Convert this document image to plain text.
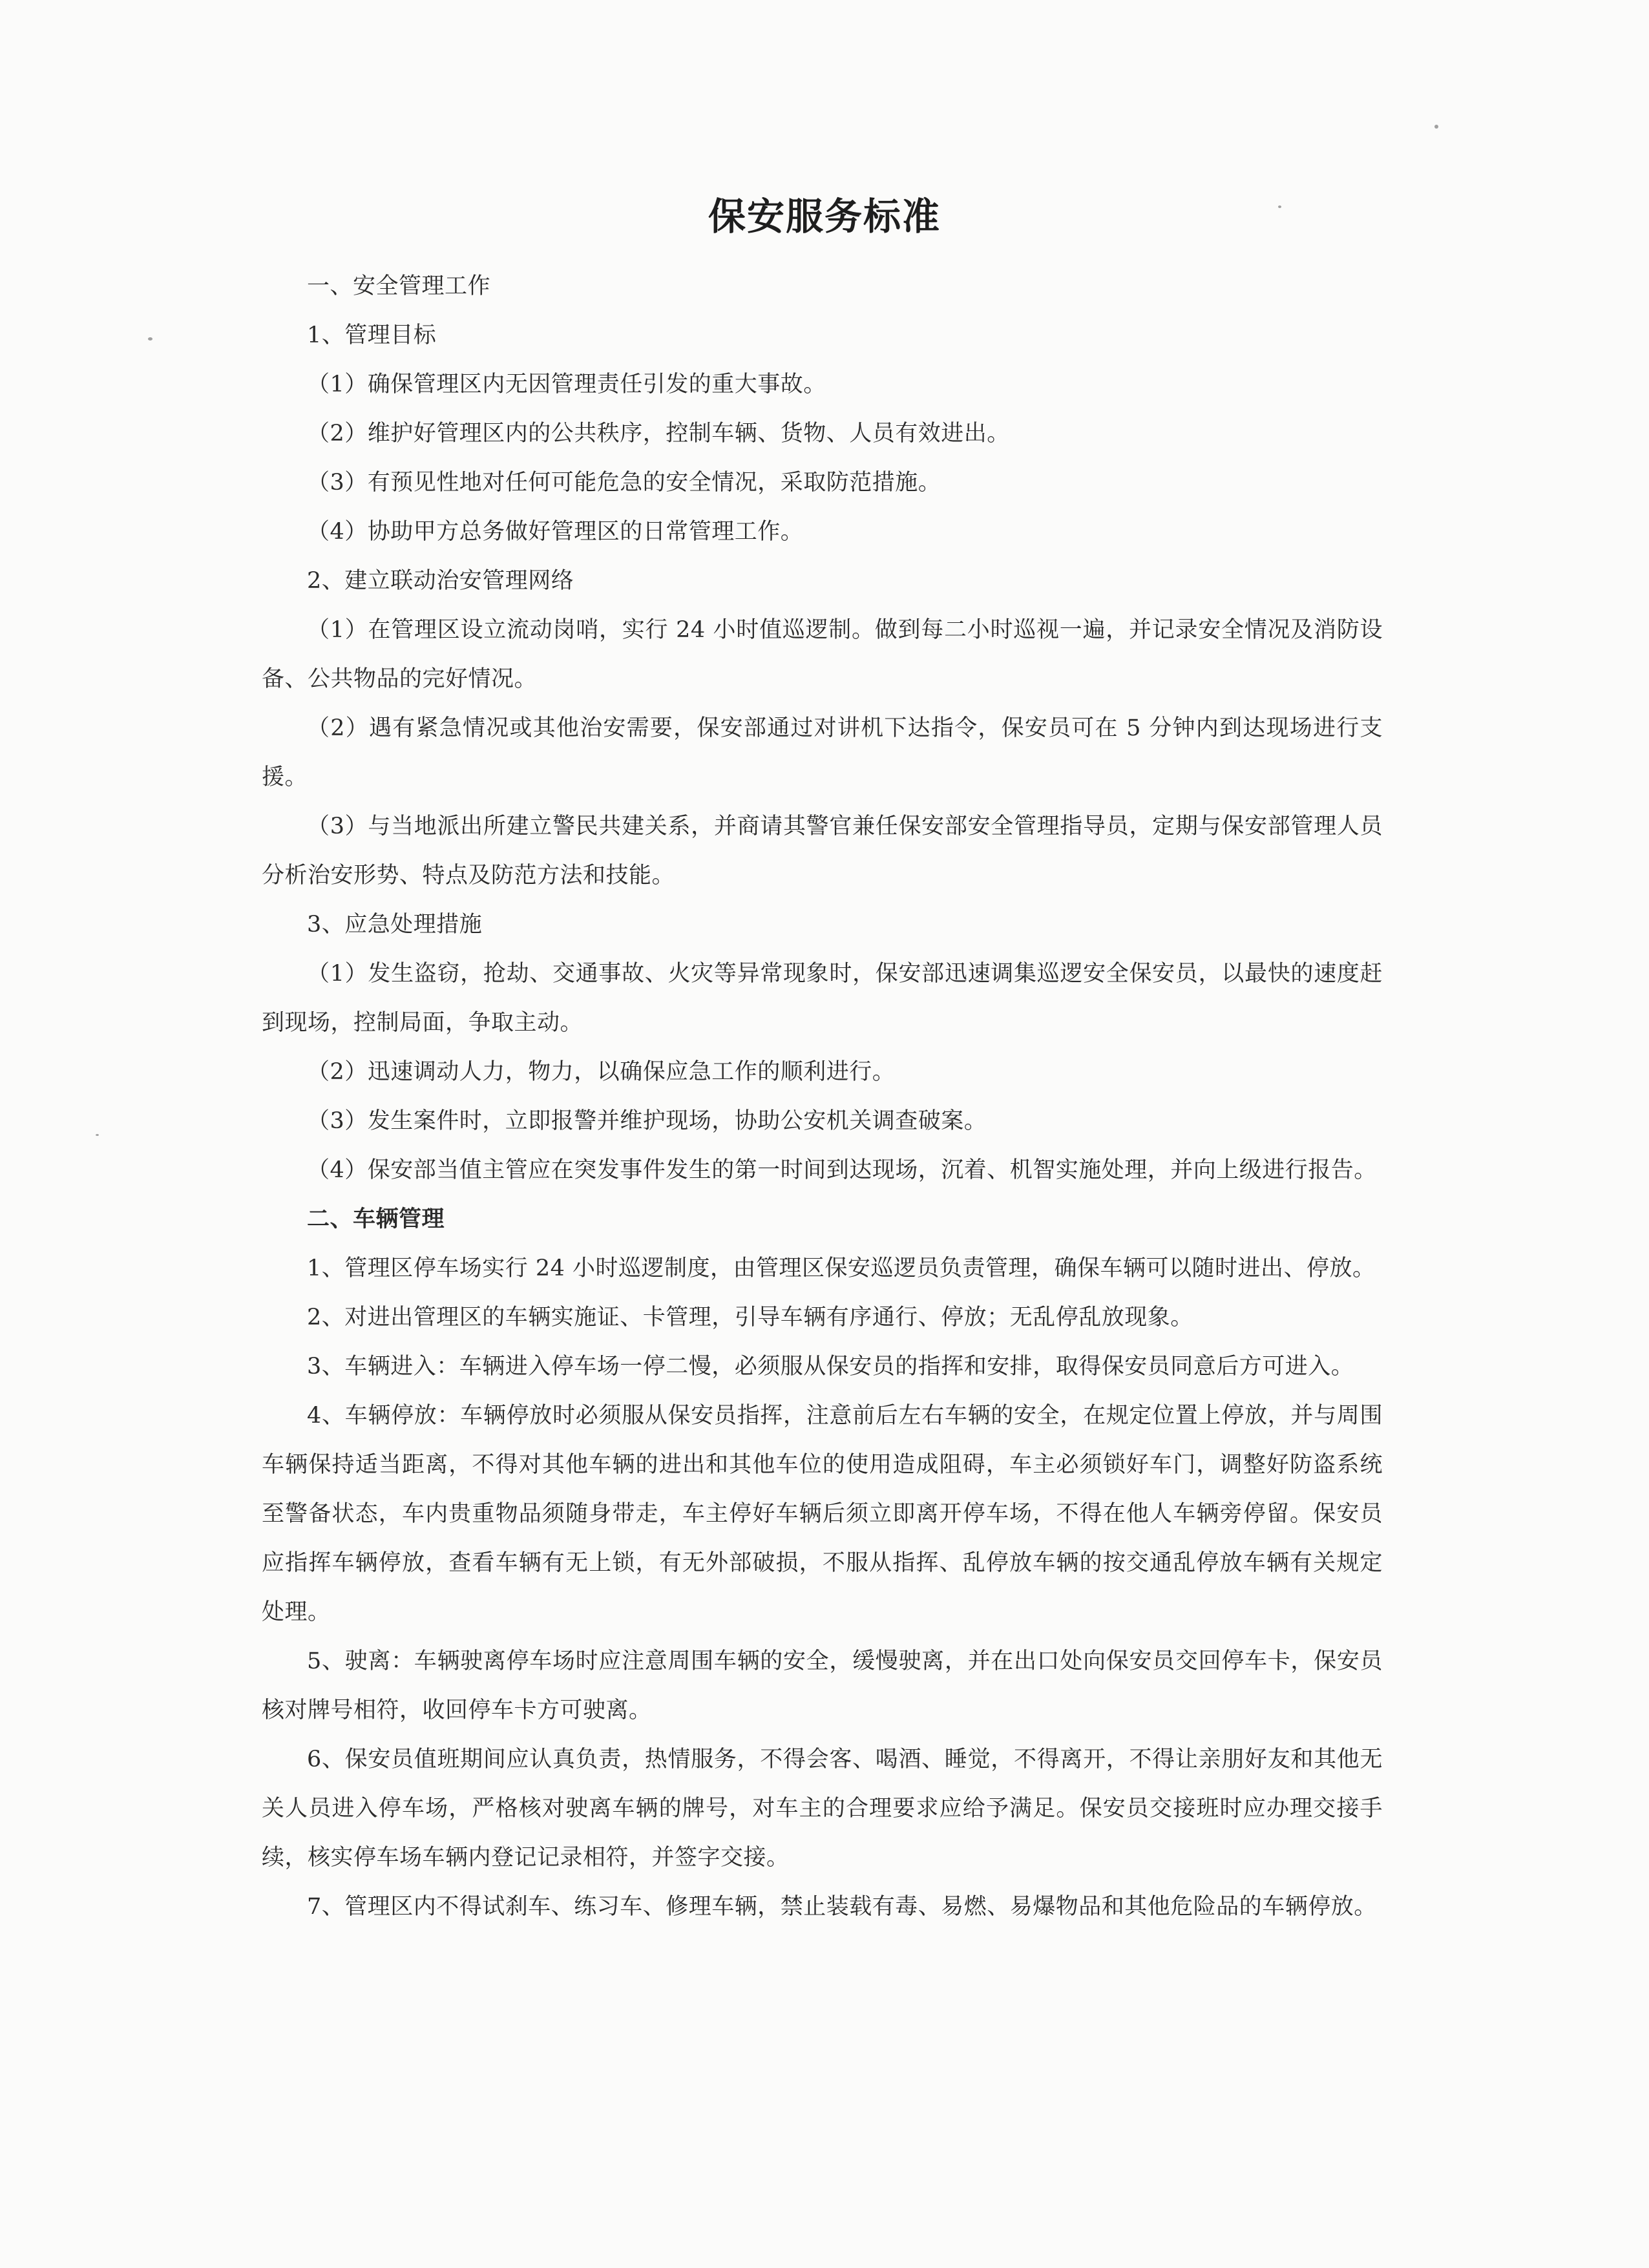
保安服务标准

一、安全管理工作

1、管理目标

（1）确保管理区内无因管理责任引发的重大事故。

（2）维护好管理区内的公共秩序，控制车辆、货物、人员有效进出。

（3）有预见性地对任何可能危急的安全情况，采取防范措施。

（4）协助甲方总务做好管理区的日常管理工作。

2、建立联动治安管理网络

（1）在管理区设立流动岗哨，实行 24 小时值巡逻制。做到每二小时巡视一遍，并记录安全情况及消防设备、公共物品的完好情况。

（2）遇有紧急情况或其他治安需要，保安部通过对讲机下达指令，保安员可在 5 分钟内到达现场进行支援。

（3）与当地派出所建立警民共建关系，并商请其警官兼任保安部安全管理指导员，定期与保安部管理人员分析治安形势、特点及防范方法和技能。

3、应急处理措施

（1）发生盗窃，抢劫、交通事故、火灾等异常现象时，保安部迅速调集巡逻安全保安员，以最快的速度赶到现场，控制局面，争取主动。

（2）迅速调动人力，物力，以确保应急工作的顺利进行。

（3）发生案件时，立即报警并维护现场，协助公安机关调查破案。

（4）保安部当值主管应在突发事件发生的第一时间到达现场，沉着、机智实施处理，并向上级进行报告。

二、车辆管理

1、管理区停车场实行 24 小时巡逻制度，由管理区保安巡逻员负责管理，确保车辆可以随时进出、停放。

2、对进出管理区的车辆实施证、卡管理，引导车辆有序通行、停放；无乱停乱放现象。

3、车辆进入：车辆进入停车场一停二慢，必须服从保安员的指挥和安排，取得保安员同意后方可进入。

4、车辆停放：车辆停放时必须服从保安员指挥，注意前后左右车辆的安全，在规定位置上停放，并与周围车辆保持适当距离，不得对其他车辆的进出和其他车位的使用造成阻碍，车主必须锁好车门，调整好防盗系统至警备状态，车内贵重物品须随身带走，车主停好车辆后须立即离开停车场，不得在他人车辆旁停留。保安员应指挥车辆停放，查看车辆有无上锁，有无外部破损，不服从指挥、乱停放车辆的按交通乱停放车辆有关规定处理。

5、驶离：车辆驶离停车场时应注意周围车辆的安全，缓慢驶离，并在出口处向保安员交回停车卡，保安员核对牌号相符，收回停车卡方可驶离。

6、保安员值班期间应认真负责，热情服务，不得会客、喝酒、睡觉，不得离开，不得让亲朋好友和其他无关人员进入停车场，严格核对驶离车辆的牌号，对车主的合理要求应给予满足。保安员交接班时应办理交接手续，核实停车场车辆内登记记录相符，并签字交接。

7、管理区内不得试刹车、练习车、修理车辆，禁止装载有毒、易燃、易爆物品和其他危险品的车辆停放。
